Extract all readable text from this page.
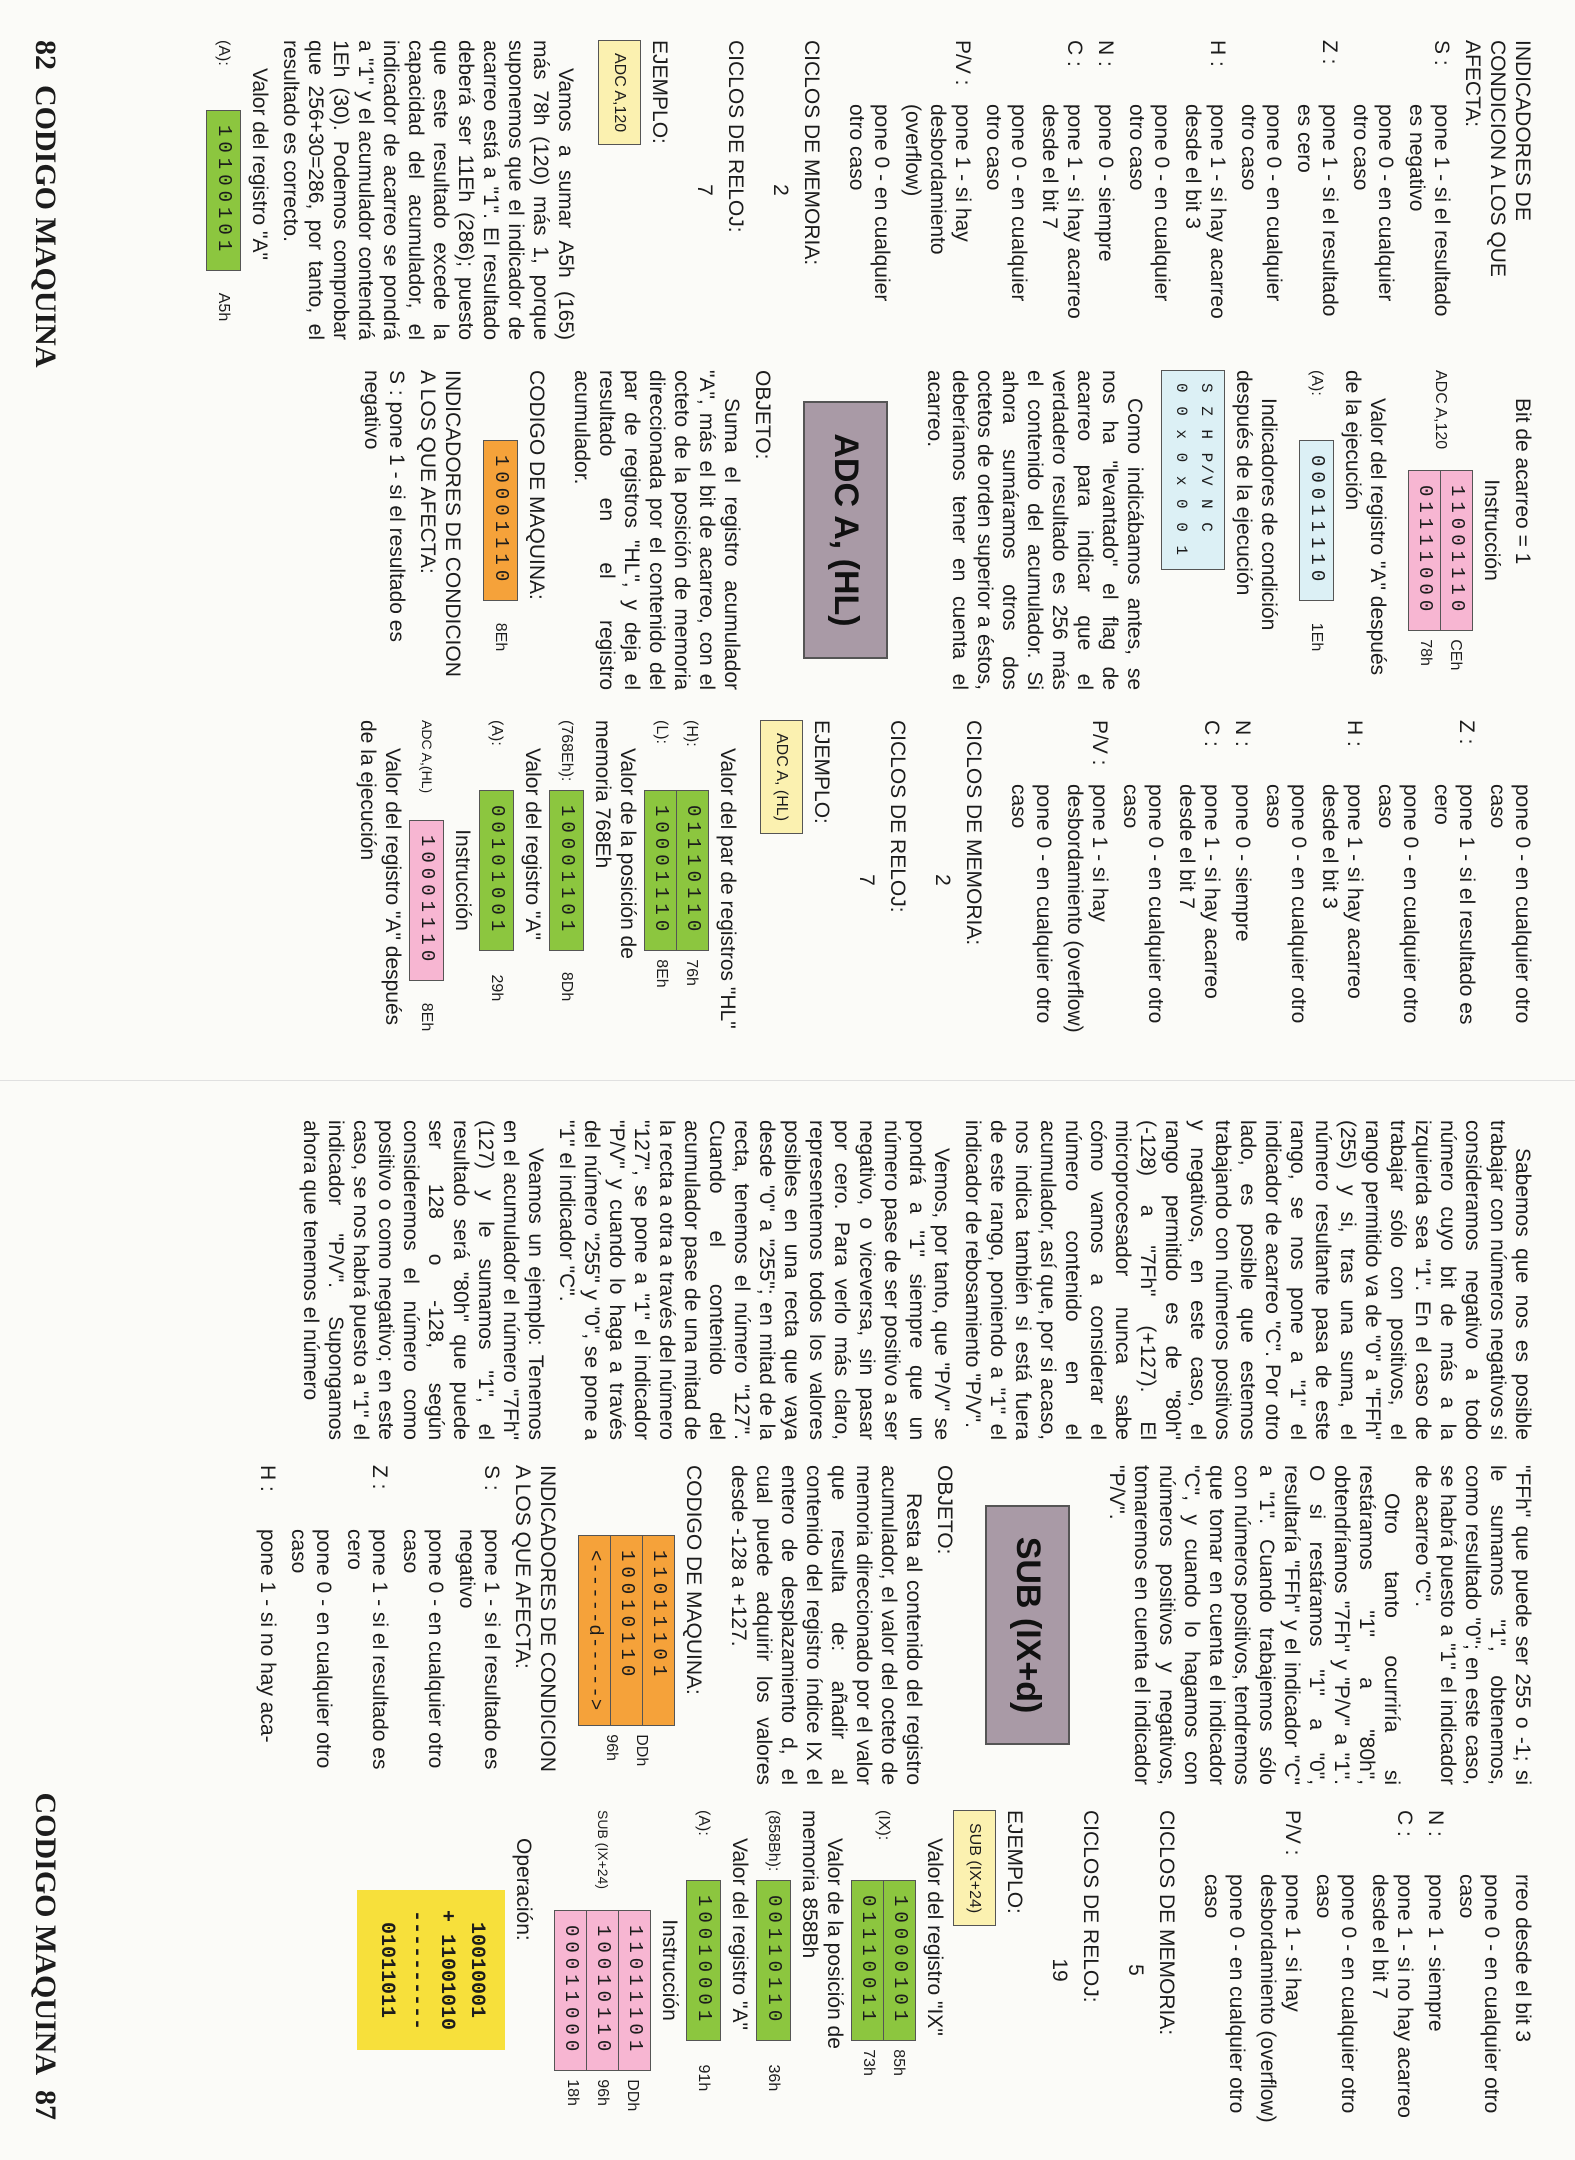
INDICADORES DE CONDICION A LOS QUE AFECTA:

S :
pone 1 - si el resultado es negativo

pone 0 - en cualquier otro caso

Z :
pone 1 - si el resultado es cero

pone 0 - en cualquier otro caso

H :
pone 1 - si hay acarreo desde el bit 3

pone 0 - en cualquier otro caso

N :
pone 0 - siempre

C :
pone 1 - si hay acarreo desde el bit 7

pone 0 - en cualquier otro caso

P/V :
pone 1 - si hay desbordamiento (overflow)

pone 0 - en cualquier otro caso

CICLOS DE MEMORIA:

2

CICLOS DE RELOJ:

7

EJEMPLO:

ADC A,120

Vamos a sumar A5h (165) más 78h (120) más 1, porque suponemos que el indicador de acarreo está a "1". El resultado deberá ser 11Eh (286); puesto que este resultado excede la capacidad del acumulador, el indicador de acarreo se pondrá a "1" y el acumulador contendrá 1Eh (30). Podemos comprobar que 256+30=286, por tanto, el resultado es correcto.

Valor del registro "A"

(A):
10100101
A5h

Bit de acarreo = 1

Instrucción

ADC A,120
11001110
01111000
CEh
78h

Valor del registro "A" después de la ejecución

(A):
00011110
1Eh

Indicadores de condición después de la ejecución

S Z H P/V N C
0 0 x 0 x 0 0 1

Como indicábamos antes, se nos ha "levantado" el flag de acarreo para indicar que el verdadero resultado es 256 más el contenido del acumulador. Si ahora sumáramos otros dos octetos de orden superior a éstos, deberíamos tener en cuenta el acarreo.

ADC A, (HL)

OBJETO:

Suma el registro acumulador "A", más el bit de acarreo, con el octeto de la posición de memoria direccionada por el contenido del par de registros "HL", y deja el resultado en el registro acumulador.

CODIGO DE MAQUINA:

10001110
8Eh

INDICADORES DE CONDICION A LOS QUE AFECTA:

S : pone 1 - si el resultado es negativo

pone 0 - en cualquier otro caso

Z :
pone 1 - si el resultado es cero

pone 0 - en cualquier otro caso

H :
pone 1 - si hay acarreo desde el bit 3

pone 0 - en cualquier otro caso

N :
pone 0 - siempre

C :
pone 1 - si hay acarreo desde el bit 7

pone 0 - en cualquier otro caso

P/V :
pone 1 - si hay desbordamiento (overflow)

pone 0 - en cualquier otro caso

CICLOS DE MEMORIA:

2

CICLOS DE RELOJ:

7

EJEMPLO:

ADC A, (HL)

Valor del par de registros "HL"

(H):
(L):
01110110
10001110
76h
8Eh

Valor de la posición de memoria 768Eh

(768Eh):
10001101
8Dh

Valor del registro "A"

(A):
00101001
29h

Instrucción

ADC A,(HL)
10001110
8Eh

Valor del registro "A" después de la ejecución

82  CODIGO MAQUINA

Sabemos que nos es posible trabajar con números negativos si consideramos negativo a todo número cuyo bit de más a la izquierda sea "1". En el caso de trabajar sólo con positivos, el rango permitido va de "0" a "FFh" (255) y si, tras una suma, el número resultante pasa de este rango, se nos pone a "1" el indicador de acarreo "C". Por otro lado, es posible que estemos trabajando con números positivos y negativos, en este caso, el rango permitido es de "80h" (-128) a "7Fh" (+127). El microprocesador nunca sabe cómo vamos a considerar el número contenido en el acumulador, así que, por si acaso, nos indica también si está fuera de este rango, poniendo a "1" el indicador de rebosamiento "P/V".

Vemos, por tanto, que "P/V" se pondrá a "1" siempre que un número pase de ser positivo a ser negativo, o viceversa, sin pasar por cero. Para verlo más claro, representemos todos los valores posibles en una recta que vaya desde "0" a "255"; en mitad de la recta, tenemos el número "127". Cuando el contenido del acumulador pase de una mitad de la recta a otra a través del número "127", se pone a "1" el indicador "P/V" y cuando lo haga a través del número "255" y "0", se pone a "1" el indicador "C".

Veamos un ejemplo: Tenemos en el acumulador el número "7Fh" (127) y le sumamos "1", el resultado será "80h" que puede ser 128 o -128, según consideremos el número como positivo o como negativo; en este caso, se nos habrá puesto a "1" el indicador "P/V". Supongamos ahora que tenemos el número

"FFh" que puede ser 255 o -1; si le sumamos "1", obtenemos, como resultado "0"; en este caso, se habrá puesto a "1" el indicador de acarreo "C".

Otro tanto ocurriría si restáramos "1" a "80h", obtendríamos "7Fh" y "P/V" a "1". O si restáramos "1" a "0", resultaría "FFh" y el indicador "C" a "1". Cuando trabajemos sólo con números positivos, tendremos que tomar en cuenta el indicador "C", y cuando lo hagamos con números positivos y negativos, tomaremos en cuenta el indicador "P/V".

SUB (IX+d)

OBJETO:

Resta al contenido del registro acumulador, el valor del octeto de memoria direccionado por el valor que resulta de: añadir al contenido del registro índice IX el entero de desplazamiento d, el cual puede adquirir los valores desde -128 a +127.

CODIGO DE MAQUINA:

11011101
10010110
<-----d----->
DDh
96h

INDICADORES DE CONDICION A LOS QUE AFECTA:

S :
pone 1 - si el resultado es negativo

pone 0 - en cualquier otro caso

Z :
pone 1 - si el resultado es cero

pone 0 - en cualquier otro caso

H :
pone 1 - si no hay aca-

rreo desde el bit 3

pone 0 - en cualquier otro caso

N :
pone 1 - siempre

C :
pone 1 - si no hay acarreo desde el bit 7

pone 0 - en cualquier otro caso

P/V :
pone 1 - si hay desbordamiento (overflow)

pone 0 - en cualquier otro caso

CICLOS DE MEMORIA:

5

CICLOS DE RELOJ:

19

EJEMPLO:

SUB (IX+24)

Valor del registro "IX"

(IX):
10000101
01110011
85h
73h

Valor de la posición de memoria 858Bh

(858Bh):
00110110
36h

Valor del registro "A"

(A):
10010001
91h

Instrucción

SUB (IX+24)
11011101
10010110
00011000
DDh
96h
18h

Operación:

10010001
+ 11001010
----------
01011011
CODIGO MAQUINA  87
